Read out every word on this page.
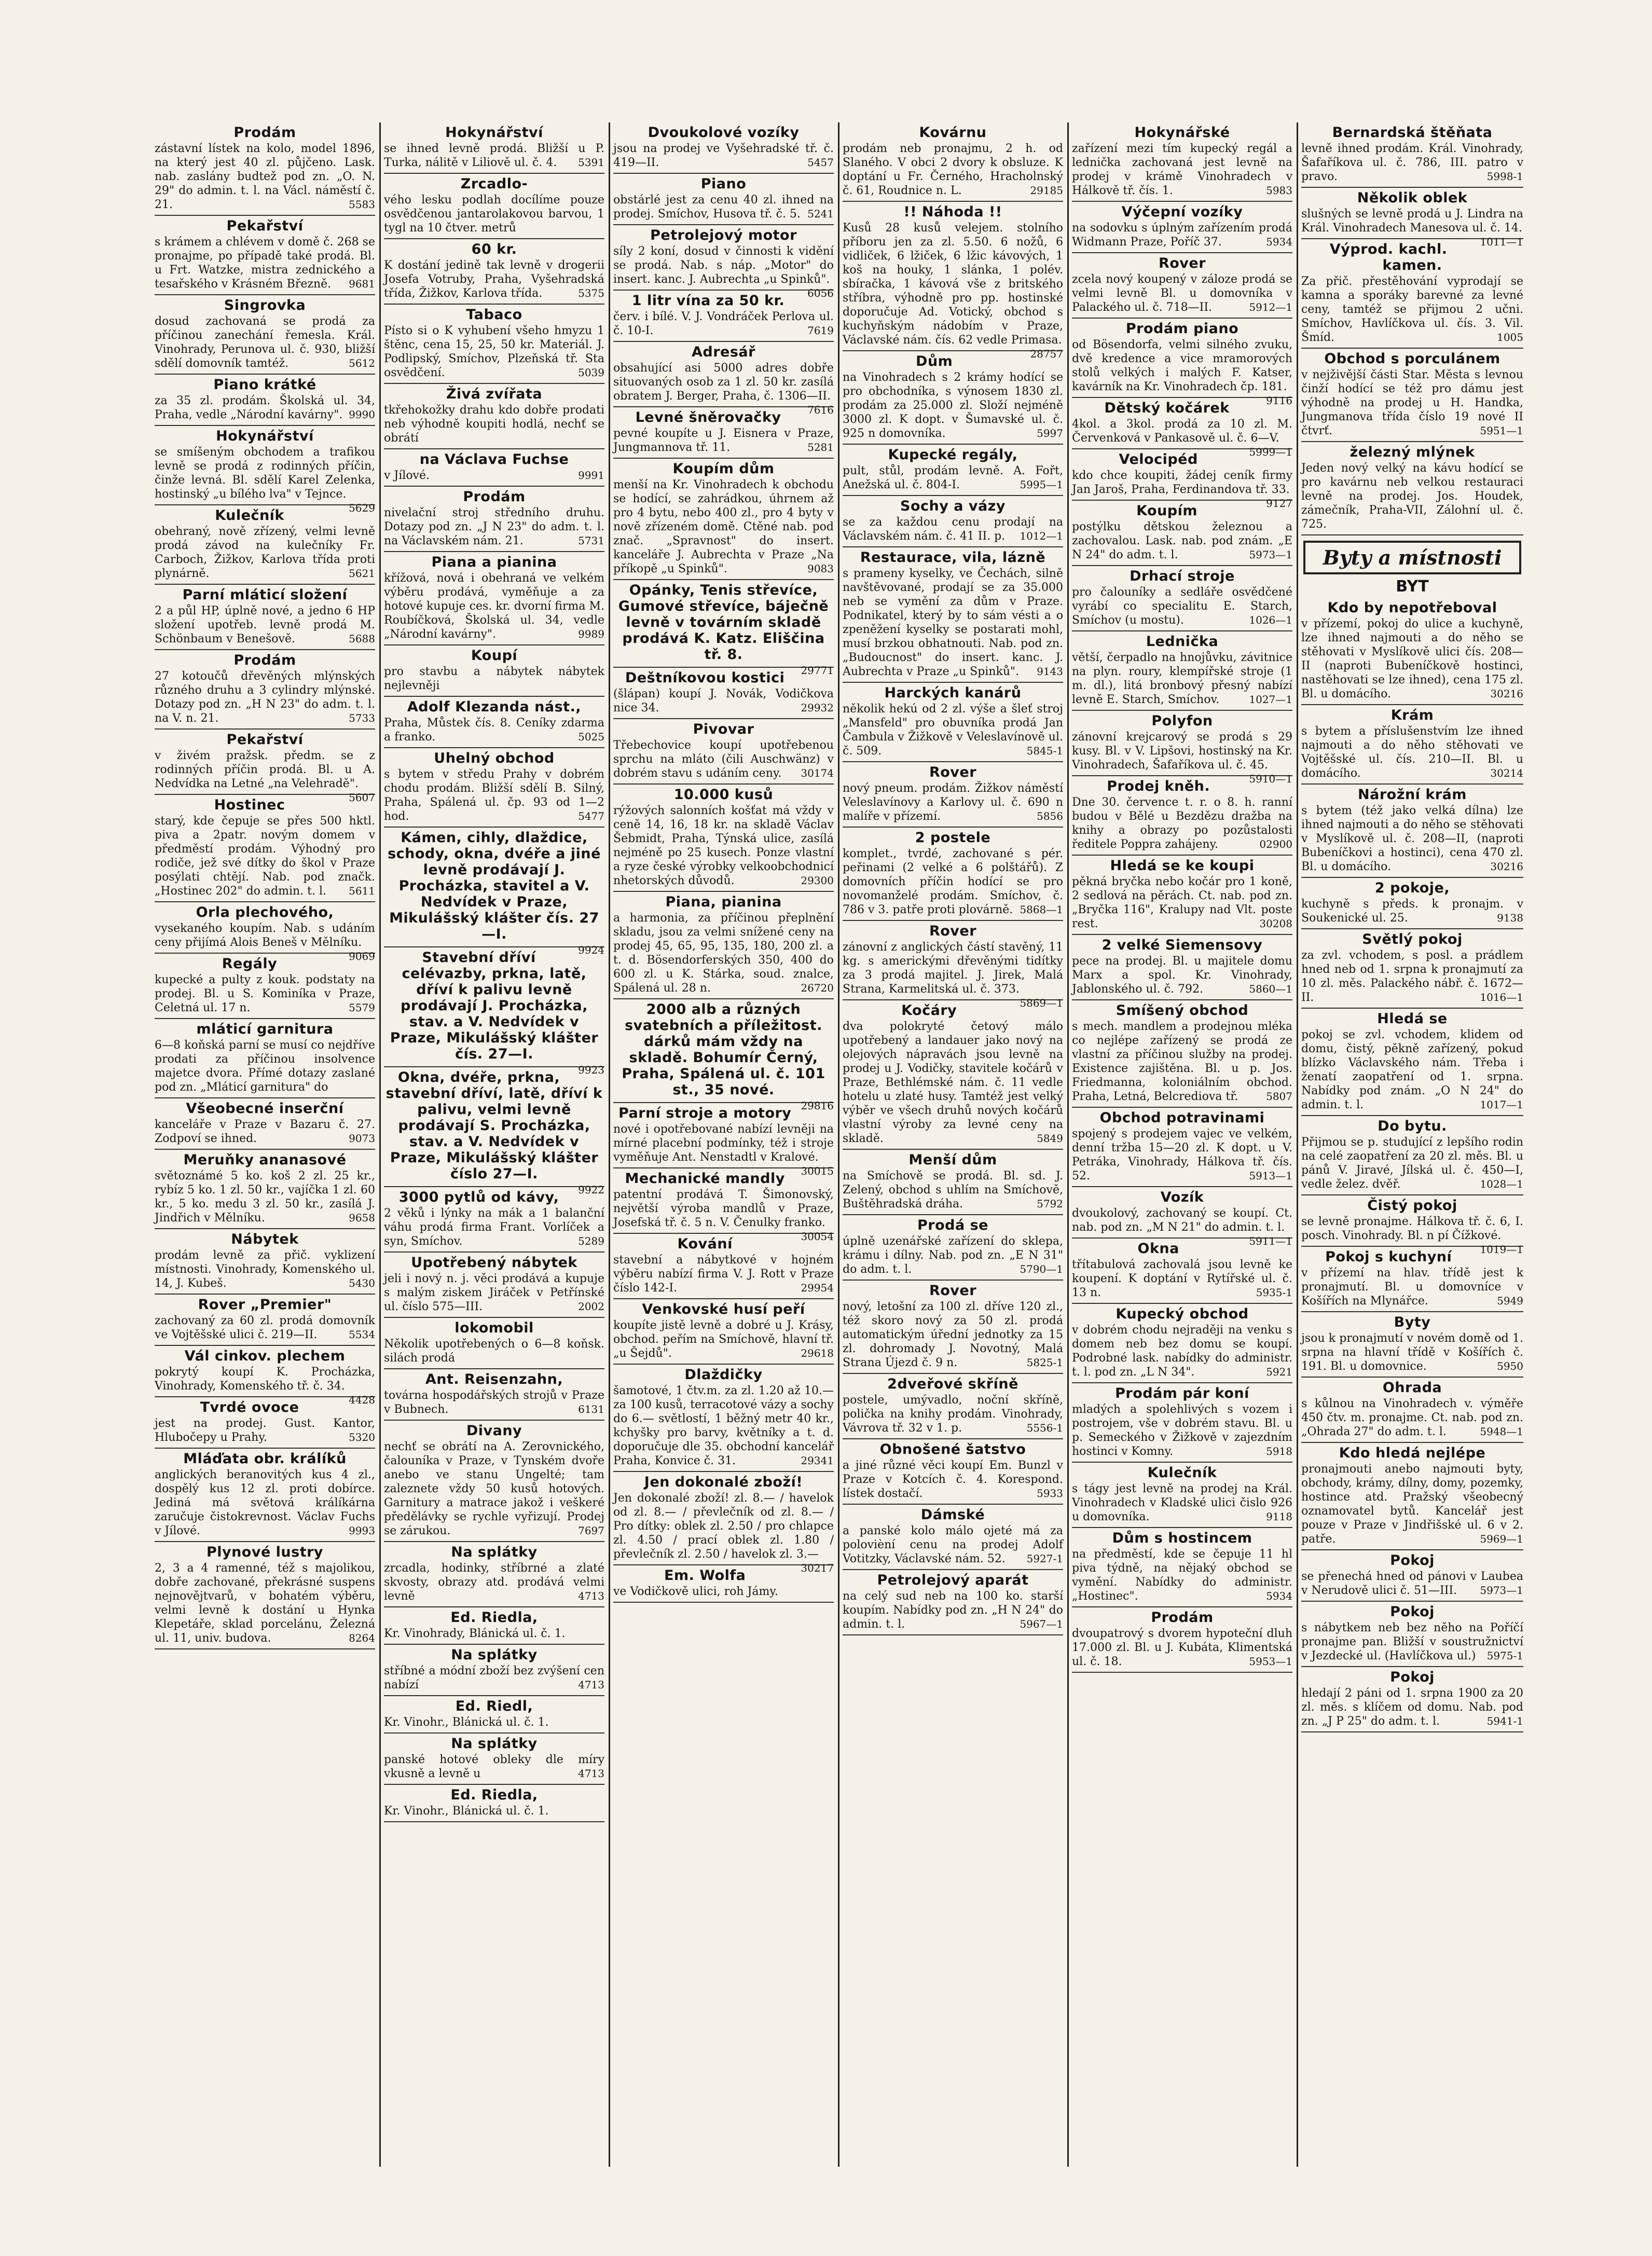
Prodám

zástavní lístek na kolo, model 1896, na který jest 40 zl. půjčeno. Lask. nab. zaslány budtež pod zn. „O. N. 29" do admin. t. l. na Václ. náměstí č. 21.	5583

Pekařství

s krámem a chlévem v domě č. 268 se pronajme, po případě také prodá. Bl. u Frt. Watzke, mistra zednického a tesařského v Krásném Březně. 9681

Singrovka

dosud zachovaná se prodá za příčinou zanechání řemesla. Král. Vinohrady, Perunova ul. č. 930, bližší sdělí domovník tamtéž.	5612

Piano krátké

za 35 zl. prodám. Školská ul. 34, Praha, vedle „Národní kavárny". 9990

Hokynářství

se smíšeným obchodem a trafikou levně se prodá z rodinných příčin, činže levná. Bl. sdělí Karel Zelenka, hostinský „u bílého lva" v Tejnce.
5629

Kulečník

obehraný, nově zřízený, velmi levně prodá závod na kulečníky Fr. Carboch, Žižkov, Karlova třída proti plynárně.	5621

Parní mláticí složení

2 a půl HP, úplně nové, a jedno 6 HP složení upotřeb. levně prodá M. Schönbaum v Benešově.	5688

Prodám

27 kotoučů dřevěných mlýnských různého druhu a 3 cylindry mlýnské. Dotazy pod zn. „H N 23" do adm. t. l. na V. n. 21.	5733

Pekařství

v živém pražsk. předm. se z rodinných příčin prodá. Bl. u A. Nedvídka na Letné „na Velehradě".
5607

Hostinec

starý, kde čepuje se přes 500 hktl. piva a 2patr. novým domem v předměstí prodám. Výhodný pro rodiče, jež své dítky do škol v Praze posýlati chtějí. Nab. pod značk. „Hostinec 202" do admin. t. l. 5611

Orla plechového,

vysekaného koupím. Nab. s udáním ceny přijímá Alois Beneš v Mělníku.
9069

Regály

kupecké a pulty z kouk. podstaty na prodej. Bl. u S. Kominíka v Praze, Celetná ul. 17 n.	5579

mláticí garnitura

6—8 koňská parní se musí co nejdříve prodati za příčinou insolvence majetce dvora. Přímé dotazy zaslané pod zn. „Mláticí garnitura" do

Všeobecné inserční

kanceláře v Praze v Bazaru č. 27. Zodpoví se ihned.	9073

Meruňky ananasové

světoznámé 5 ko. koš 2 zl. 25 kr., rybíz 5 ko. 1 zl. 50 kr., vajíčka 1 zl. 60 kr., 5 ko. medu 3 zl. 50 kr., zasílá J. Jindřich v Mělníku.	9658

Nábytek

prodám levně za přič. vyklizení místnosti. Vinohrady, Komenského ul. 14, J. Kubeš.	5430

Rover „Premier"

zachovaný za 60 zl. prodá domovník ve Vojtěšské ulici č. 219—II.	5534

Vál cinkov. plechem

pokrytý koupí K. Procházka, Vinohrady, Komenského tř. č. 34.
4428

Tvrdé ovoce

jest na prodej. Gust. Kantor, Hlubočepy u Prahy.	5320

Mláďata obr. králíků

anglických beranovitých kus 4 zl., dospělý kus 12 zl. proti dobírce. Jediná má světová králíkárna zaručuje čistokrevnost. Václav Fuchs v Jílové.	9993

Plynové lustry

2, 3 a 4 ramenné, též s majolikou, dobře zachované, překrásné suspens nejnovějtvarů, v bohatém výběru, velmi levně k dostání u Hynka Klepetáře, sklad porcelánu, Železná ul. 11, univ. budova.	8264

Hokynářství

se ihned levně prodá. Bližší u P. Turka, nálitě v Liliově ul. č. 4. 5391

Zrcadlo-

vého lesku podlah docílíme pouze osvědčenou jantarolakovou barvou, 1 tygl na 10 čtver. metrů

60 kr.

K dostání jedině tak levně v drogerii Josefa Votruby, Praha, Vyšehradská třída, Žižkov, Karlova třída.	5375

Tabaco

Písto si o K vyhubení všeho hmyzu 1 štěnc, cena 15, 25, 50 kr. Materiál. J. Podlipský, Smíchov, Plzeňská tř. Sta osvědčení.	5039

Živá zvířata

tkřehokožky drahu kdo dobře prodati neb výhodně koupiti hodlá, nechť se obrátí

na Václava Fuchse

v Jílové.	9991

Prodám

nivelační stroj středního druhu. Dotazy pod zn. „J N 23" do adm. t. l. na Václavském nám. 21.	5731

Piana a pianina

křížová, nová i obehraná ve velkém výběru prodává, vyměňuje a za hotové kupuje ces. kr. dvorní firma M. Roubíčková, Školská ul. 34, vedle „Národní kavárny".	9989

Koupí

pro stavbu a nábytek nábytek nejlevněji

Adolf Klezanda nást.,

Praha, Můstek čís. 8. Ceníky zdarma a franko.	5025

Uhelný obchod

s bytem v středu Prahy v dobrém chodu prodám. Bližší sdělí B. Silný, Praha, Spálená ul. čp. 93 od 1—2 hod.	5477

Kámen, cihly, dlaždice, schody, okna, dvéře a jiné levně prodávají J. Procházka, stavitel a V. Nedvídek v Praze, Mikulášský klášter čís. 27—I.

9924

Stavební dříví celévazby, prkna, latě, dříví k palivu levně prodávají J. Procházka, stav. a V. Nedvídek v Praze, Mikulášský klášter čís. 27—I.

9923

Okna, dvéře, prkna, stavební dříví, latě, dříví k palivu, velmi levně prodávají S. Procházka, stav. a V. Nedvídek v Praze, Mikulášský klášter číslo 27—I.

9922

3000 pytlů od kávy,

2 věků i lýnky na mák a 1 balanční váhu prodá firma Frant. Vorlíček a syn, Smíchov.	5289

Upotřebený nábytek

jeli i nový n. j. věci prodává a kupuje s malým ziskem Jiráček v Petřínské ul. číslo 575—III.	2002

lokomobil

Několik upotřebených o 6—8 koňsk. silách prodá

Ant. Reisenzahn,

továrna hospodářských strojů v Praze v Bubnech.	6131

Divany

nechť se obrátí na A. Zerovnického, čalouníka v Praze, v Tynském dvoře anebo ve stanu Ungelté; tam zaleznete vždy 50 kusů hotových. Garnitury a matrace jakož i veškeré předělávky se rychle vyřizují. Prodej se zárukou.	7697

Na splátky

zrcadla, hodinky, stříbrné a zlaté skvosty, obrazy atd. prodává velmi levně	4713

Ed. Riedla,

Kr. Vinohrady, Blánická ul. č. 1.

Na splátky

stříbné a módní zboží bez zvýšení cen nabízí	4713

Ed. Riedl,

Kr. Vinohr., Blánická ul. č. 1.

Na splátky

panské hotové obleky dle míry vkusně a levně u	4713

Ed. Riedla,

Kr. Vinohr., Blánická ul. č. 1.

Dvoukolové vozíky

jsou na prodej ve Vyšehradské tř. č. 419—II.	5457

Piano

obstárlé jest za cenu 40 zl. ihned na prodej. Smíchov, Husova tř. č. 5. 5241

Petrolejový motor

síly 2 koní, dosud v činnosti k vidění se prodá. Nab. s náp. „Motor" do insert. kanc. J. Aubrechta „u Spinků".
6056

1 litr vína za 50 kr.

červ. i bílé. V. J. Vondráček Perlova ul. č. 10-I.	7619

Adresář

obsahující asi 5000 adres dobře situovaných osob za 1 zl. 50 kr. zasílá obratem J. Berger, Praha, č. 1306—II.
7616

Levné šněrovačky

pevné koupíte u J. Eisnera v Praze, Jungmannova tř. 11.	5281

Koupím dům

menší na Kr. Vinohradech k obchodu se hodící, se zahrádkou, úhrnem až pro 4 bytu, nebo 400 zl., pro 4 byty v nově zřízeném domě. Ctěné nab. pod znač. „Spravnost" do insert. kanceláře J. Aubrechta v Praze „Na příkopě „u Spinků".	9083

Opánky, Tenis střevíce, Gumové střevíce, báječně levně v továrním skladě prodává K. Katz. Eliščina tř. 8.

29771

Deštníkovou kostici

(šlápan) koupí J. Novák, Vodičkova nice 34.	29932

Pivovar

Třebechovice koupí upotřebenou sprchu na mláto (čili Auschwänz) v dobrém stavu s udáním ceny. 30174

10.000 kusů

rýžových salonních košťat má vždy v ceně 14, 16, 18 kr. na skladě Václav Šebmidt, Praha, Týnská ulice, zasílá nejméně po 25 kusech. Ponze vlastní a ryze české výrobky velkoobchodnicí nhetorských důvodů.	29300

Piana, pianina

a harmonia, za příčinou přeplnění skladu, jsou za velmi snížené ceny na prodej 45, 65, 95, 135, 180, 200 zl. a t. d. Bösendorferských 350, 400 do 600 zl. u K. Stárka, soud. znalce, Spálená ul. 28 n.	26720

2000 alb a různých svatebních a příležitost. dárků mám vždy na skladě. Bohumír Černý, Praha, Spálená ul. č. 101 st., 35 nové.

29816

Parní stroje a motory

nové i opotřebované nabízí levněji na mírné placební podmínky, též i stroje vyměňuje Ant. Nenstadtl v Kralové.
30015

Mechanické mandly

patentní prodává T. Šimonovský, největší výroba mandlů v Praze, Josefská tř. č. 5 n. V. Čenulky franko.
30054

Kování

stavební a nábytkové v hojném výběru nabízí firma V. J. Rott v Praze číslo 142-I.	29954

Venkovské husí peří

koupíte jistě levně a dobré u J. Krásy, obchod. peřím na Smíchově, hlavní tř. „u Šejdů".	29618

Dlaždičky

šamotové, 1 čtv.m. za zl. 1.20 až 10.— za 100 kusů, terracotové vázy a sochy do 6.— světlostí, 1 běžný metr 40 kr., kchyšky pro barvy, květníky a t. d. doporučuje dle 35. obchodní kancelář Praha, Konvice č. 31.	29341

Jen dokonalé zboží!

Jen dokonalé zboží! zl. 8.— / havelok od zl. 8.— / převlečník od zl. 8.— / Pro dítky: oblek zl. 2.50 / pro chlapce zl. 4.50 / prací oblek zl. 1.80 / převlečník zl. 2.50 / havelok zl. 3.—
30217

Em. Wolfa

ve Vodičkově ulici, roh Jámy.

Kovárnu

prodám neb pronajmu, 2 h. od Slaného. V obci 2 dvory k obsluze. K doptání u Fr. Černého, Hracholnský č. 61, Roudnice n. L.	29185

!! Náhoda !!

Kusů 28 kusů velejem. stolního příboru jen za zl. 5.50. 6 nožů, 6 vidliček, 6 lžiček, 6 lžic kávových, 1 koš na houky, 1 slánka, 1 polév. sbíračka, 1 kávová vše z britského stříbra, výhodně pro pp. hostinské doporučuje Ad. Votický, obchod s kuchyňským nádobím v Praze, Václavské nám. čís. 62 vedle Primasa.
28757

Dům

na Vinohradech s 2 krámy hodící se pro obchodníka, s výnosem 1830 zl. prodám za 25.000 zl. Složí nejméně 3000 zl. K dopt. v Šumavské ul. č. 925 n domovníka.	5997

Kupecké regály,

pult, stůl, prodám levně. A. Fořt, Anežská ul. č. 804-I.	5995—1

Sochy a vázy

se za každou cenu prodají na Václavském nám. č. 41 II. p. 1012—1

Restaurace, vila, lázně

s prameny kyselky, ve Čechách, silně navštěvované, prodají se za 35.000 neb se vymění za dům v Praze. Podnikatel, který by to sám vésti a o zpeněžení kyselky se postarati mohl, musí brzkou obhatnouti. Nab. pod zn. „Budoucnost" do insert. kanc. J. Aubrechta v Praze „u Spinků". 9143

Harckých kanárů

několik hekú od 2 zl. výše a šleť stroj „Mansfeld" pro obuvníka prodá Jan Čambula v Žižkově v Veleslavínově ul. č. 509.	5845-1

Rover

nový pneum. prodám. Žižkov náměstí Veleslavínovy a Karlovy ul. č. 690 n malíře v přízemí.	5856

2 postele

komplet., tvrdé, zachované s pér. peřinami (2 velké a 6 polštářů). Z domovních příčin hodící se pro novomanželé prodám. Smíchov, č. 786 v 3. patře proti plovárně. 5868—1

Rover

zánovní z anglických částí stavěný, 11 kg. s americkými dřevěnými tidítky za 3 prodá majitel. J. Jirek, Malá Strana, Karmelitská ul. č. 373.
5869—1

Kočáry

dva polokryté četový málo upotřebený a landauer jako nový na olejových nápravách jsou levně na prodej u J. Vodičky, stavitele kočárů v Praze, Bethlémské nám. č. 11 vedle hotelu u zlaté husy. Tamtéž jest velký výběr ve všech druhů nových kočárů vlastní výroby za levné ceny na skladě.	5849

Menší dům

na Smíchově se prodá. Bl. sd. J. Zelený, obchod s uhlím na Smíchově, Buštěhradská dráha.	5792

Prodá se

úplně uzenářské zařízení do sklepa, krámu i dílny. Nab. pod zn. „E N 31" do adm. t. l.	5790—1

Rover

nový, letošní za 100 zl. dříve 120 zl., též skoro nový za 50 zl. prodá automatickým úřední jednotky za 15 zl. dohromady J. Novotný, Malá Strana Újezd č. 9 n.	5825-1

2dveřové skříně

postele, umývadlo, noční skříně, polička na knihy prodám. Vinohrady, Vávrova tř. 32 v 1. p.	5556-1

Obnošené šatstvo

a jiné různé věci koupí Em. Bunzl v Praze v Kotcích č. 4. Korespond. lístek dostačí.	5933

Dámské

a panské kolo málo ojeté má za polovièní cenu na prodej Adolf Votitzky, Václavské nám. 52. 5927-1

Petrolejový aparát

na celý sud neb na 100 ko. starší koupím. Nabídky pod zn. „H N 24" do admin. t. l.	5967—1

Hokynářské

zařízení mezi tím kupecký regál a lednička zachovaná jest levně na prodej v krámě Vinohradech v Hálkově tř. čís. 1.	5983

Výčepní vozíky

na sodovku s úplným zařízením prodá Widmann Praze, Poříč 37.	5934

Rover

zcela nový koupený v záloze prodá se velmi levně Bl. u domovníka v Palackého ul. č. 718—II.	5912—1

Prodám piano

od Bösendorfa, velmi silného zvuku, dvě kredence a vice mramorových stolů velkých i malých F. Katser, kavárník na Kr. Vinohradech čp. 181.
9116

Dětský kočárek

4kol. a 3kol. prodá za 10 zl. M. Červenková v Pankasově ul. č. 6—V.
5999—1

Velocipéd

kdo chce koupiti, žádej ceník firmy Jan Jaroš, Praha, Ferdinandova tř. 33.
9127

Koupím

postýlku dětskou železnou a zachovalou. Lask. nab. pod znám. „E N 24" do adm. t. l.	5973—1

Drhací stroje

pro čalouníky a sedláře osvědčené vyrábí co specialitu E. Starch, Smíchov (u mostu).	1026—1

Lednička

větší, čerpadlo na hnojůvku, závitnice na plyn. roury, klempířské stroje (1 m. dl.), litá bronbový přesný nabízí levně E. Starch, Smíchov.	1027—1

Polyfon

zánovní krejcarový se prodá s 29 kusy. Bl. v V. Lipšovi, hostinský na Kr. Vinohradech, Šafaříkova ul. č. 45.
5910—1

Prodej kněh.

Dne 30. července t. r. o 8. h. ranní budou v Bělé u Bezdězu dražba na knihy a obrazy po pozůstalosti ředitele Poppra zahájeny.	02900

Hledá se ke koupi

pěkná bryčka nebo kočár pro 1 koně, 2 sedlová na pěrách. Ct. nab. pod zn. „Bryčka 116", Kralupy nad Vlt. poste rest.	30208

2 velké Siemensovy

pece na prodej. Bl. u majitele domu Marx a spol. Kr. Vinohrady, Jablonského ul. č. 792.	5860—1

Smíšený obchod

s mech. mandlem a prodejnou mléka co nejlépe zařízený se prodá ze vlastní za příčinou služby na prodej. Existence zajištěna. Bl. u p. Jos. Friedmanna, koloniálním obchod. Praha, Letná, Belcrediova tř.	5807

Obchod potravinami

spojený s prodejem vajec ve velkém, denní tržba 15—20 zl. K dopt. u V. Petráka, Vinohrady, Hálkova tř. čís. 52.	5913—1

Vozík

dvoukolový, zachovaný se koupí. Ct. nab. pod zn. „M N 21" do admin. t. l.
5911—1

Okna

třítabulová zachovalá jsou levně ke koupení. K doptání v Rytířské ul. č. 13 n.	5935-1

Kupecký obchod

v dobrém chodu nejraději na venku s domem neb bez domu se koupí. Podrobné lask. nabídky do administr. t. l. pod zn. „L N 34".	5921

Prodám pár koní

mladých a spolehlivých s vozem i postrojem, vše v dobrém stavu. Bl. u p. Semeckého v Žižkově v zajezdním hostinci v Komny.	5918

Kulečník

s tágy jest levně na prodej na Král. Vinohradech v Kladské ulici čislo 926 u domovníka.	9118

Dům s hostincem

na předměstí, kde se čepuje 11 hl piva týdně, na nějaký obchod se vymění. Nabídky do administr. „Hostinec".	5934

Prodám

dvoupatrový s dvorem hypoteční dluh 17.000 zl. Bl. u J. Kubáta, Klimentská ul. č. 18.	5953—1

Bernardská štěňata

levně ihned prodám. Král. Vinohrady, Šafaříkova ul. č. 786, III. patro v pravo.	5998-1

Několik oblek

slušných se levně prodá u J. Lindra na Král. Vinohradech Manesova ul. č. 14.
1011—1

Výprod. kachl. kamen.

Za přič. přestěhování vyprodají se kamna a sporáky barevné za levné ceny, tamtéž se přijmou 2 učni. Smíchov, Havlíčkova ul. čís. 3. Vil. Šmíd.	1005

Obchod s porculánem

v nejživější části Star. Města s levnou činží hodící se též pro dámu jest výhodně na prodej u H. Handka, Jungmanova třída číslo 19 nové II čtvrť.	5951—1

železný mlýnek

Jeden nový velký na kávu hodící se pro kavárnu neb velkou restauraci levně na prodej. Jos. Houdek, zámečník, Praha-VII, Zálohní ul. č. 725.

Byty a místnosti
BYT
Kdo by nepotřeboval

v přízemí, pokoj do ulice a kuchyně, lze ihned najmouti a do něho se stěhovati v Myslíkově ulici čís. 208—II (naproti Bubeníčkově hostinci, nastěhovati se lze ihned), cena 175 zl. Bl. u domácího.	30216

Krám

s bytem a příslušenstvím lze ihned najmouti a do něho stěhovati ve Vojtěšské ul. čís. 210—II. Bl. u domácího.	30214

Nárožní krám

s bytem (též jako velká dílna) lze ihned najmouti a do něho se stěhovati v Myslíkově ul. č. 208—II, (naproti Bubeníčkovi a hostinci), cena 470 zl. Bl. u domácího.	30216

2 pokoje,

kuchyně s předs. k pronajm. v Soukenické ul. 25.	9138

Světlý pokoj

za zvl. vchodem, s posl. a prádlem hned neb od 1. srpna k pronajmutí za 10 zl. měs. Palackého nábř. č. 1672—II.	1016—1

Hledá se

pokoj se zvl. vchodem, klidem od domu, čistý, pěkně zařízený, pokud blízko Václavského nám. Třeba i ženatí zaopatření od 1. srpna. Nabídky pod znám. „O N 24" do admin. t. l.	1017—1

Do bytu.

Přijmou se p. studující z lepšího rodin na celé zaopatření za 20 zl. měs. Bl. u pánů V. Jiravé, Jílská ul. č. 450—I, vedle želez. dvěř.	1028—1

Čistý pokoj

se levně pronajme. Hálkova tř. č. 6, I. posch. Vinohrady. Bl. n pí Čížkové.
1019—1

Pokoj s kuchyní

v přízemí na hlav. třídě jest k pronajmutí. Bl. u domovníce v Košířích na Mlynářce.	5949

Byty

jsou k pronajmutí v novém domě od 1. srpna na hlavní třídě v Košířích č. 191. Bl. u domovnice.	5950

Ohrada

s kůlnou na Vinohradech v. výměře 450 čtv. m. pronajme. Ct. nab. pod zn. „Ohrada 27" do adm. t. l.	5948—1

Kdo hledá nejlépe

pronajmouti anebo najmouti byty, obchody, krámy, dílny, domy, pozemky, hostince atd. Pražský všeobecný oznamovatel bytů. Kancelář jest pouze v Praze v Jindřišské ul. 6 v 2. patře.	5969—1

Pokoj

se přenechá hned od pánovi v Laubea v Nerudově ulici č. 51—III. 5973—1

Pokoj

s nábytkem neb bez něho na Poříčí pronajme pan. Bližší v soustružnictví v Jezdecké ul. (Havlíčkova ul.) 5975-1

Pokoj

hledají 2 páni od 1. srpna 1900 za 20 zl. měs. s klíčem od domu. Nab. pod zn. „J P 25" do adm. t. l.	5941-1
